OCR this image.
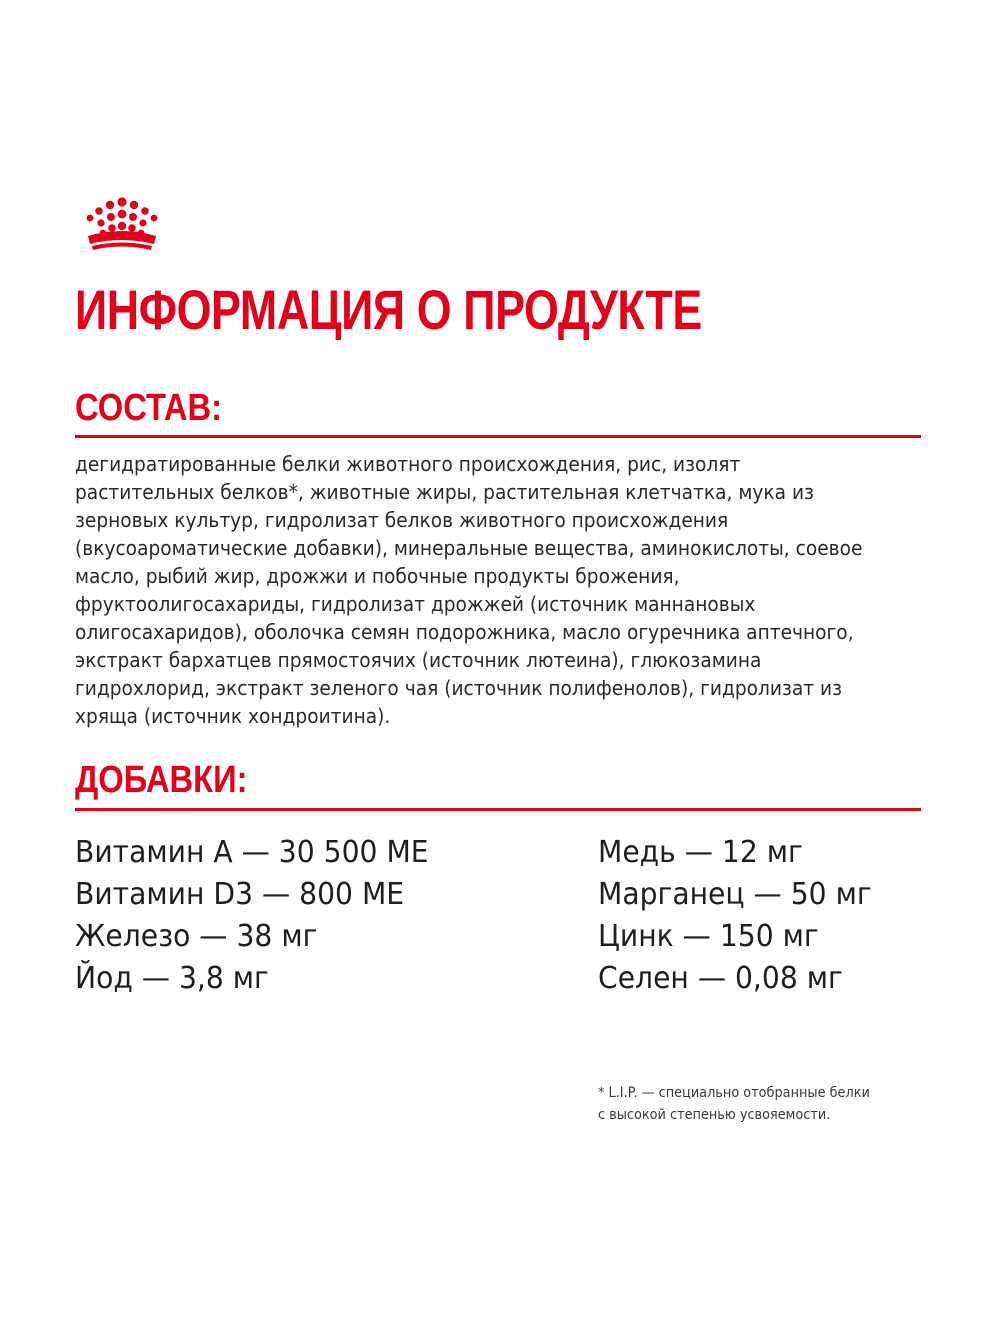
ИНФОРМАЦИЯ О ПРОДУКТЕ
СОСТАВ:

дегидратированные белки животного происхождения, рис, изолят растительных белков*, животные жиры, растительная клетчатка, мука из зерновых культур, гидролизат белков животного происхождения (вкусоароматические добавки), минеральные вещества, аминокислоты, соевое масло, рыбий жир, дрожжи и побочные продукты брожения, фруктоолигосахариды, гидролизат дрожжей (источник маннановых олигосахаридов), оболочка семян подорожника, масло огуречника аптечного, экстракт бархатцев прямостоячих (источник лютеина), глюкозамина гидрохлорид, экстракт зеленого чая (источник полифенолов), гидролизат из хряща (источник хондроитина).

ДОБАВКИ:
Витамин А — 30 500 МЕ
Витамин D3 — 800 МЕ
Железо — 38 мг
Йод — 3,8 мг
Медь — 12 мг
Марганец — 50 мг
Цинк — 150 мг
Селен — 0,08 мг

* L.I.P. — специально отобранные белки
с высокой степенью усвояемости.
